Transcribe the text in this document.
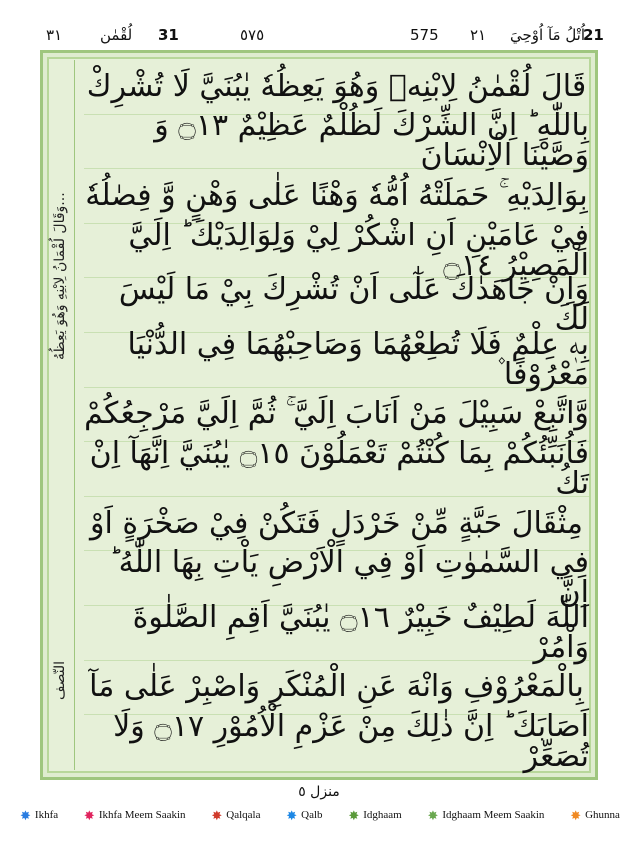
٣١	لُقْمٰن 31	٥٧٥	575 ٢١ اُتْلُ مَآ اُوْحِيَ
21
وَقَالَ لُقْمَانُ لِابْنِهِ وَهُوَ يَعِظُهُ...
النّصف
قَالَ لُقْمٰنُ لِابْنِهٖ وَهُوَ يَعِظُهٗ يٰبُنَيَّ لَا تُشْرِكْ
بِاللّٰهِ ؕ اِنَّ الشِّرْكَ لَظُلْمٌ عَظِيْمٌ ۝١٣ وَ وَصَّيْنَا الْاِنْسَانَ
بِوَالِدَيْهِ ۚ حَمَلَتْهُ اُمُّهٗ وَهْنًا عَلٰى وَهْنٍ وَّ فِصٰلُهٗ
فِيْ عَامَيْنِ اَنِ اشْكُرْ لِيْ وَلِوَالِدَيْكَ ؕ اِلَيَّ الْمَصِيْرُ ۝١٤
وَاِنْ جَاهَدٰكَ عَلٰٓى اَنْ تُشْرِكَ بِيْ مَا لَيْسَ لَكَ
بِهٖ عِلْمٌ فَلَا تُطِعْهُمَا وَصَاحِبْهُمَا فِي الدُّنْيَا مَعْرُوْفًا ۫
وَّاتَّبِعْ سَبِيْلَ مَنْ اَنَابَ اِلَيَّ ۚ ثُمَّ اِلَيَّ مَرْجِعُكُمْ
فَاُنَبِّئُكُمْ بِمَا كُنْتُمْ تَعْمَلُوْنَ ۝١٥ يٰبُنَيَّ اِنَّهَآ اِنْ تَكُ
مِثْقَالَ حَبَّةٍ مِّنْ خَرْدَلٍ فَتَكُنْ فِيْ صَخْرَةٍ اَوْ
فِي السَّمٰوٰتِ اَوْ فِي الْاَرْضِ يَاْتِ بِهَا اللّٰهُ ؕ اِنَّ
اللّٰهَ لَطِيْفٌ خَبِيْرٌ ۝١٦ يٰبُنَيَّ اَقِمِ الصَّلٰوةَ وَاْمُرْ
بِالْمَعْرُوْفِ وَانْهَ عَنِ الْمُنْكَرِ وَاصْبِرْ عَلٰى مَآ
اَصَابَكَ ؕ اِنَّ ذٰلِكَ مِنْ عَزْمِ الْاُمُوْرِ ۝١٧ وَلَا تُصَعِّرْ
منزل ٥
✸ Ikhfa ✸ Ikhfa Meem Saakin ✸ Qalqala ✸ Qalb ✸ Idghaam ✸ Idghaam Meem Saakin ✸ Ghunna
